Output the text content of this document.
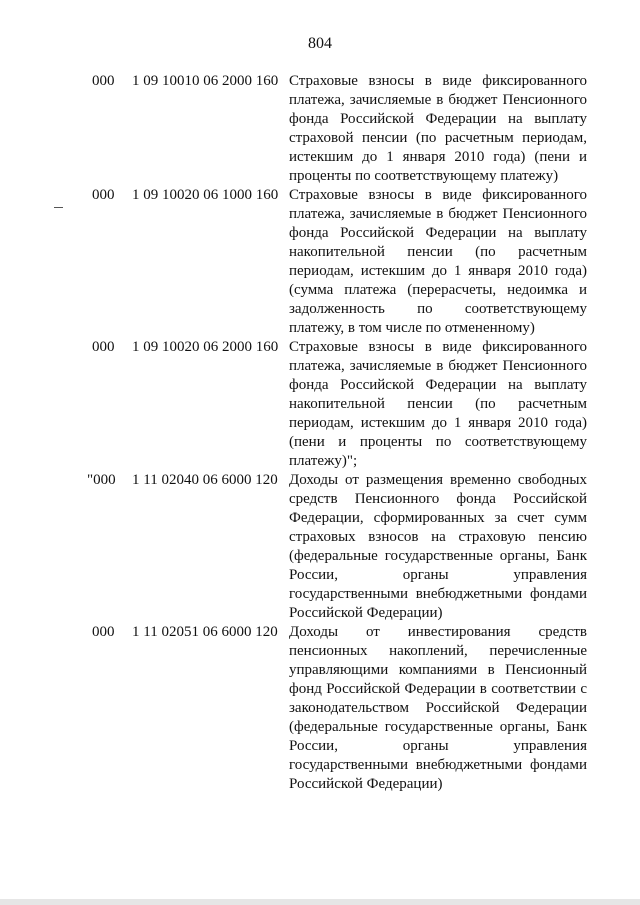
804
000	1 09 10010 06 2000 160 Страховые взносы в виде фиксированного платежа, зачисляемые в бюджет Пенсионного фонда Российской Федерации на выплату страховой пенсии (по расчетным периодам, истекшим до 1 января 2010 года) (пени и проценты по соответствующему платежу)

000	1 09 10020 06 1000 160 Страховые взносы в виде фиксированного платежа, зачисляемые в бюджет Пенсионного фонда Российской Федерации на выплату накопительной пенсии (по расчетным периодам, истекшим до 1 января 2010 года) (сумма платежа (перерасчеты, недоимка и задолженность по соответствующему платежу, в том числе по отмененному)

000	1 09 10020 06 2000 160 Страховые взносы в виде фиксированного платежа, зачисляемые в бюджет Пенсионного фонда Российской Федерации на выплату накопительной пенсии (по расчетным периодам, истекшим до 1 января 2010 года) (пени и проценты по соответствующему платежу)";

"000	1 11 02040 06 6000 120 Доходы от размещения временно свободных средств Пенсионного фонда Российской Федерации, сформированных за счет сумм страховых взносов на страховую пенсию (федеральные государственные органы, Банк России, органы управления государственными внебюджетными фондами Российской Федерации)

000	1 11 02051 06 6000 120 Доходы от инвестирования средств пенсионных накоплений, перечисленные управляющими компаниями в Пенсионный фонд Российской Федерации в соответствии с законодательством Российской Федерации (федеральные государственные органы, Банк России, органы управления государственными внебюджетными фондами Российской Федерации)
